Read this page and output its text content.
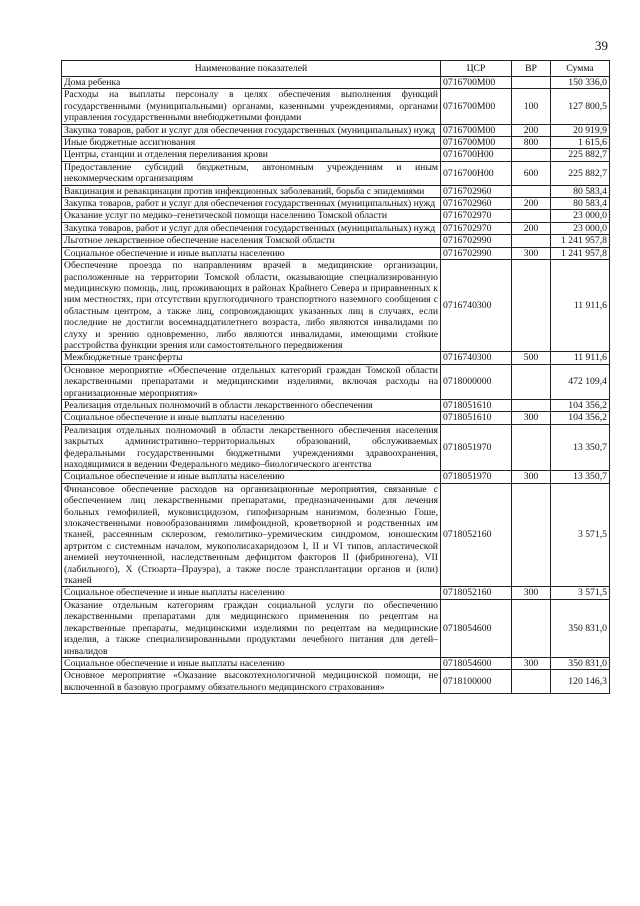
39
Наименование показателей	ЦСР	ВР	Сумма
Дома ребенка	0716700М00		150 336,0
Расходы на выплаты персоналу в целях обеспечения выполнения функций государственными (муниципальными) органами, казенными учреждениями, органами управления государственными внебюджетными фондами	0716700М00	100	127 800,5
Закупка товаров, работ и услуг для обеспечения государственных (муниципальных) нужд	0716700М00	200	20 919,9
Иные бюджетные ассигнования	0716700М00	800	1 615,6
Центры, станции и отделения переливания крови	0716700Н00		225 882,7
Предоставление субсидий бюджетным, автономным учреждениям и иным некоммерческим организациям	0716700Н00	600	225 882,7
Вакцинация и ревакцинация против инфекционных заболеваний, борьба с эпидемиями	0716702960		80 583,4
Закупка товаров, работ и услуг для обеспечения государственных (муниципальных) нужд	0716702960	200	80 583,4
Оказание услуг по медико–генетической помощи населению Томской области	0716702970		23 000,0
Закупка товаров, работ и услуг для обеспечения государственных (муниципальных) нужд	0716702970	200	23 000,0
Льготное лекарственное обеспечение населения Томской области	0716702990		1 241 957,8
Социальное обеспечение и иные выплаты населению	0716702990	300	1 241 957,8
Обеспечение проезда по направлениям врачей в медицинские организации, расположенные на территории Томской области, оказывающие специализированную медицинскую помощь, лиц, проживающих в районах Крайнего Севера и приравненных к ним местностях, при отсутствии круглогодичного транспортного наземного сообщения с областным центром, а также лиц, сопровождающих указанных лиц в случаях, если последние не достигли восемнадцатилетнего возраста, либо являются инвалидами по слуху и зрению одновременно, либо являются инвалидами, имеющими стойкие расстройства функции зрения или самостоятельного передвижения	0716740300		11 911,6
Межбюджетные трансферты	0716740300	500	11 911,6
Основное мероприятие «Обеспечение отдельных категорий граждан Томской области лекарственными препаратами и медицинскими изделиями, включая расходы на организационные мероприятия»	0718000000		472 109,4
Реализация отдельных полномочий в области лекарственного обеспечения	0718051610		104 356,2
Социальное обеспечение и иные выплаты населению	0718051610	300	104 356,2
Реализация отдельных полномочий в области лекарственного обеспечения населения закрытых административно–территориальных образований, обслуживаемых федеральными государственными бюджетными учреждениями здравоохранения, находящимися в ведении Федерального медико–биологического агентства	0718051970		13 350,7
Социальное обеспечение и иные выплаты населению	0718051970	300	13 350,7
Финансовое обеспечение расходов на организационные мероприятия, связанные с обеспечением лиц лекарственными препаратами, предназначенными для лечения больных гемофилией, муковисцидозом, гипофизарным нанизмом, болезнью Гоше, злокачественными новообразованиями лимфоидной, кроветворной и родственных им тканей, рассеянным склерозом, гемолитико–уремическим синдромом, юношеским артритом с системным началом, мукополисахаридозом I, II и VI типов, апластической анемией неуточненной, наследственным дефицитом факторов II (фибриногена), VII (лабильного), X (Стюарта–Прауэра), а также после трансплантации органов и (или) тканей	0718052160		3 571,5
Социальное обеспечение и иные выплаты населению	0718052160	300	3 571,5
Оказание отдельным категориям граждан социальной услуги по обеспечению лекарственными препаратами для медицинского применения по рецептам на лекарственные препараты, медицинскими изделиями по рецептам на медицинские изделия, а также специализированными продуктами лечебного питания для детей–инвалидов	0718054600		350 831,0
Социальное обеспечение и иные выплаты населению	0718054600	300	350 831,0
Основное мероприятие «Оказание высокотехнологичной медицинской помощи, не включенной в базовую программу обязательного медицинского страхования»	0718100000		120 146,3
